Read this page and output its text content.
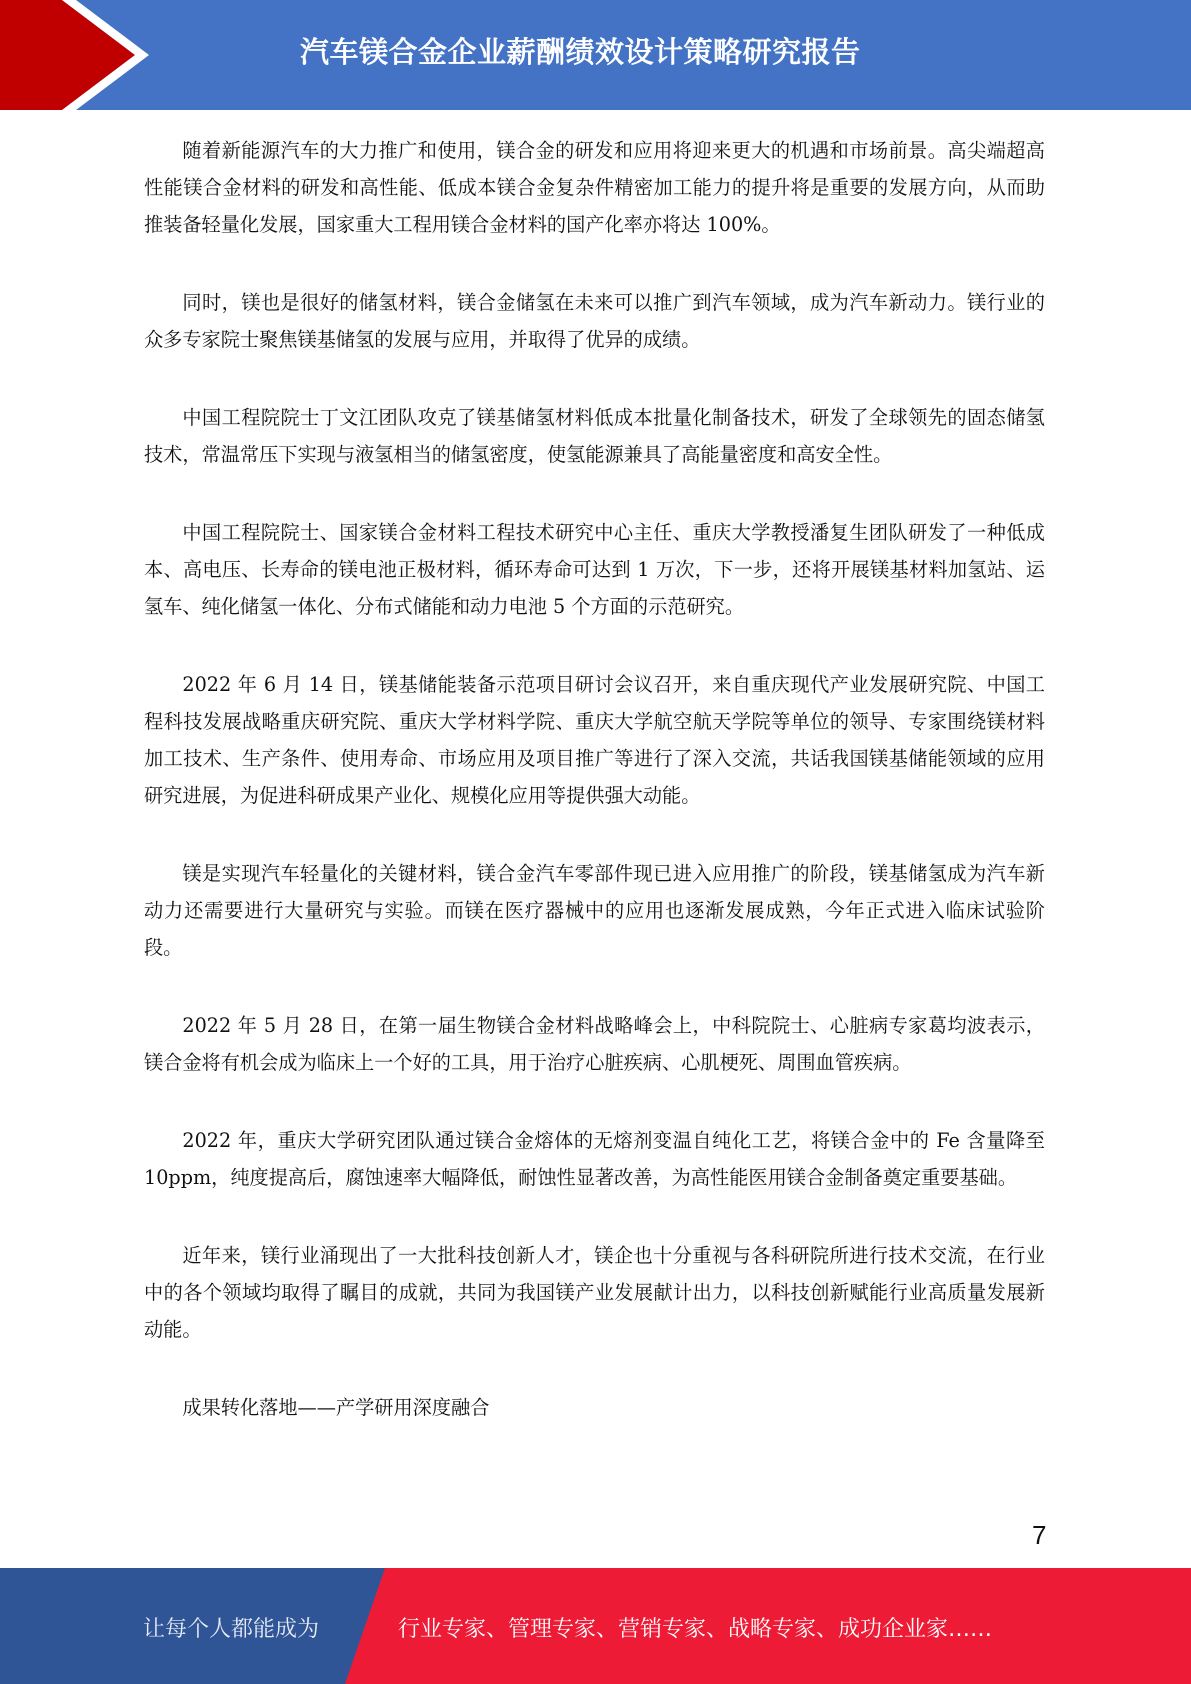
汽车镁合金企业薪酬绩效设计策略研究报告

随着新能源汽车的大力推广和使用，镁合金的研发和应用将迎来更大的机遇和市场前景。高尖端超高性能镁合金材料的研发和高性能、低成本镁合金复杂件精密加工能力的提升将是重要的发展方向，从而助推装备轻量化发展，国家重大工程用镁合金材料的国产化率亦将达 100%。

同时，镁也是很好的储氢材料，镁合金储氢在未来可以推广到汽车领域，成为汽车新动力。镁行业的众多专家院士聚焦镁基储氢的发展与应用，并取得了优异的成绩。

中国工程院院士丁文江团队攻克了镁基储氢材料低成本批量化制备技术，研发了全球领先的固态储氢技术，常温常压下实现与液氢相当的储氢密度，使氢能源兼具了高能量密度和高安全性。

中国工程院院士、国家镁合金材料工程技术研究中心主任、重庆大学教授潘复生团队研发了一种低成本、高电压、长寿命的镁电池正极材料，循环寿命可达到 1 万次，下一步，还将开展镁基材料加氢站、运氢车、纯化储氢一体化、分布式储能和动力电池 5 个方面的示范研究。

2022 年 6 月 14 日，镁基储能装备示范项目研讨会议召开，来自重庆现代产业发展研究院、中国工程科技发展战略重庆研究院、重庆大学材料学院、重庆大学航空航天学院等单位的领导、专家围绕镁材料加工技术、生产条件、使用寿命、市场应用及项目推广等进行了深入交流，共话我国镁基储能领域的应用研究进展，为促进科研成果产业化、规模化应用等提供强大动能。

镁是实现汽车轻量化的关键材料，镁合金汽车零部件现已进入应用推广的阶段，镁基储氢成为汽车新动力还需要进行大量研究与实验。而镁在医疗器械中的应用也逐渐发展成熟，今年正式进入临床试验阶段。

2022 年 5 月 28 日，在第一届生物镁合金材料战略峰会上，中科院院士、心脏病专家葛均波表示，镁合金将有机会成为临床上一个好的工具，用于治疗心脏疾病、心肌梗死、周围血管疾病。

2022 年，重庆大学研究团队通过镁合金熔体的无熔剂变温自纯化工艺，将镁合金中的 Fe 含量降至 10ppm，纯度提高后，腐蚀速率大幅降低，耐蚀性显著改善，为高性能医用镁合金制备奠定重要基础。

近年来，镁行业涌现出了一大批科技创新人才，镁企也十分重视与各科研院所进行技术交流，在行业中的各个领域均取得了瞩目的成就，共同为我国镁产业发展献计出力，以科技创新赋能行业高质量发展新动能。

成果转化落地——产学研用深度融合

7
让每个人都能成为	行业专家、管理专家、营销专家、战略专家、成功企业家……
